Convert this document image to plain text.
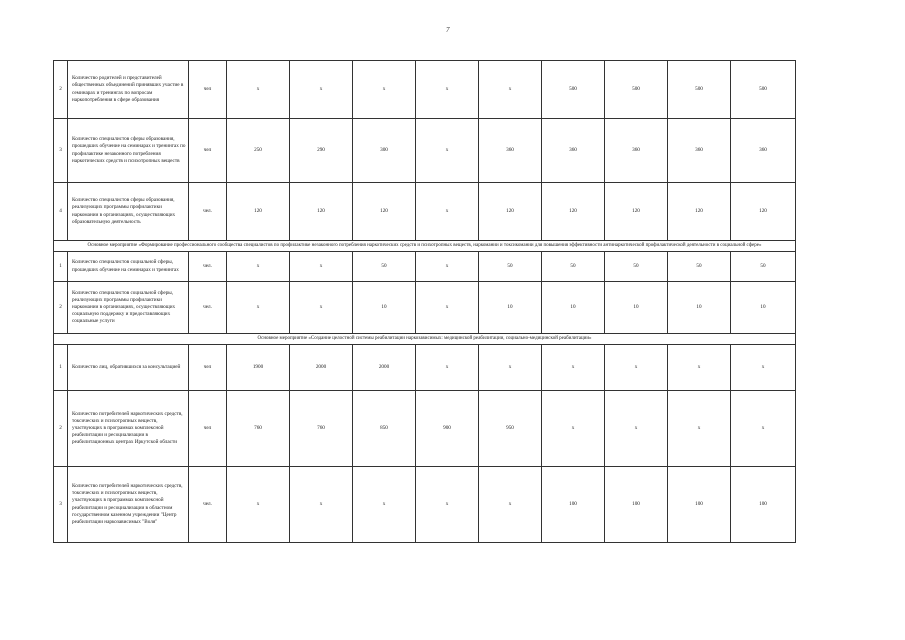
7
2	Количество родителей и представителей общественных объединений принявших участие в семинарах и тренингах по вопросам наркопотребления в сфере образования	чел	x	x	x	x	x	500	500	500	500
3	Количество специалистов сферы образования, прошедших обучение на семинарах и тренингах по профилактике незаконного потребления наркотических средств и психотропных веществ	чел	250	290	300	x	360	360	360	360	360
4	Количество специалистов сферы образования, реализующих программы профилактики наркомании в организациях, осуществляющих образовательную деятельность	чел.	120	120	120	x	120	120	120	120	120
Основное мероприятие «Формирование профессионального сообщества специалистов по профилактике незаконного потребления наркотических средств и психотропных веществ, наркомании и токсикомании для повышения эффективности антинаркотической профилактической деятельности в социальной сфере»											
1	Количество специалистов социальной сферы, прошедших обучение на семинарах и тренингах	чел.	x	x	50	x	50	50	50	50	50
2	Количество специалистов социальной сферы, реализующих программы профилактики наркомании в организациях, осуществляющих социальную поддержку и предоставляющих социальные услуги	чел.	x	x	10	x	10	10	10	10	10
Основное мероприятие «Создание целостной системы реабилитации наркозависимых: медицинской реабилитации, социально-медицинской реабилитации»											
1	Количество лиц, обратившихся за консультацией	чел	1900	2000	2000	x	x	x	x	x	x
2	Количество потребителей наркотических средств, токсических и психотропных веществ, участвующих в программах комплексной реабилитации и ресоциализации в реабилитационных центрах Иркутской области	чел	760	760	850	900	950	x	x	x	x
3	Количество потребителей наркотических средств, токсических и психотропных веществ, участвующих в программах комплексной реабилитации и ресоциализации в областном государственном казенном учреждении "Центр реабилитации наркозависимых "Воля"	чел.	x	x	x	x	x	100	100	100	100
